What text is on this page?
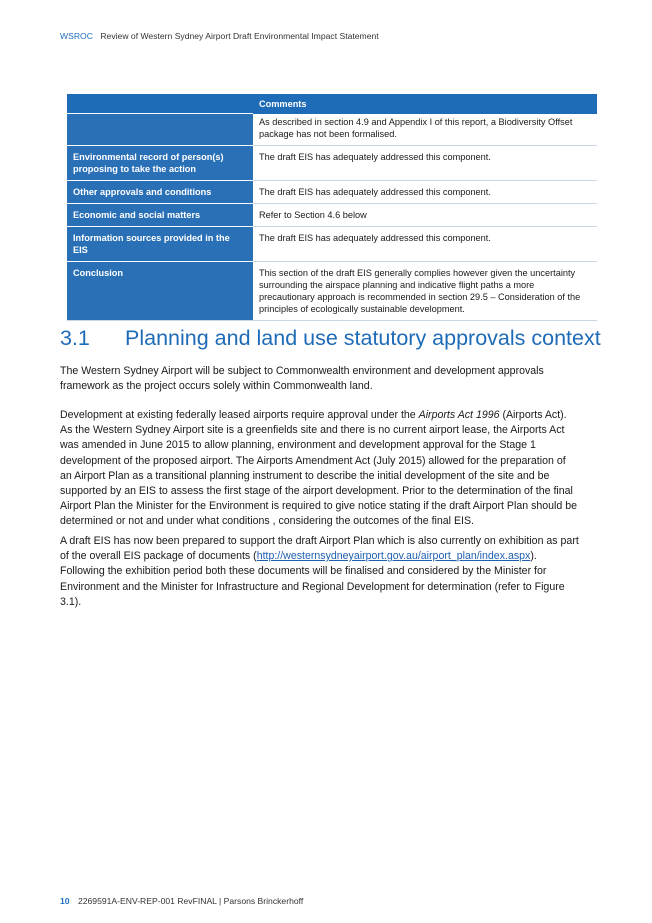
WSROC Review of Western Sydney Airport Draft Environmental Impact Statement
	Comments
	As described in section 4.9 and Appendix I of this report, a Biodiversity Offset package has not been formalised.
Environmental record of person(s) proposing to take the action	The draft EIS has adequately addressed this component.
Other approvals and conditions	The draft EIS has adequately addressed this component.
Economic and social matters	Refer to Section 4.6 below
Information sources provided in the EIS	The draft EIS has adequately addressed this component.
Conclusion	This section of the draft EIS generally complies however given the uncertainty surrounding the airspace planning and indicative flight paths a more precautionary approach is recommended in section 29.5 – Consideration of the principles of ecologically sustainable development.
3.1 Planning and land use statutory approvals context

The Western Sydney Airport will be subject to Commonwealth environment and development approvals framework as the project occurs solely within Commonwealth land.

Development at existing federally leased airports require approval under the Airports Act 1996 (Airports Act). As the Western Sydney Airport site is a greenfields site and there is no current airport lease, the Airports Act was amended in June 2015 to allow planning, environment and development approval for the Stage 1 development of the proposed airport. The Airports Amendment Act (July 2015) allowed for the preparation of an Airport Plan as a transitional planning instrument to describe the initial development of the site and be supported by an EIS to assess the first stage of the airport development. Prior to the determination of the final Airport Plan the Minister for the Environment is required to give notice stating if the draft Airport Plan should be determined or not and under what conditions , considering the outcomes of the final EIS.

A draft EIS has now been prepared to support the draft Airport Plan which is also currently on exhibition as part of the overall EIS package of documents (http://westernsydneyairport.gov.au/airport_plan/index.aspx). Following the exhibition period both these documents will be finalised and considered by the Minister for Environment and the Minister for Infrastructure and Regional Development for determination (refer to Figure 3.1).

10 2269591A-ENV-REP-001 RevFINAL | Parsons Brinckerhoff
